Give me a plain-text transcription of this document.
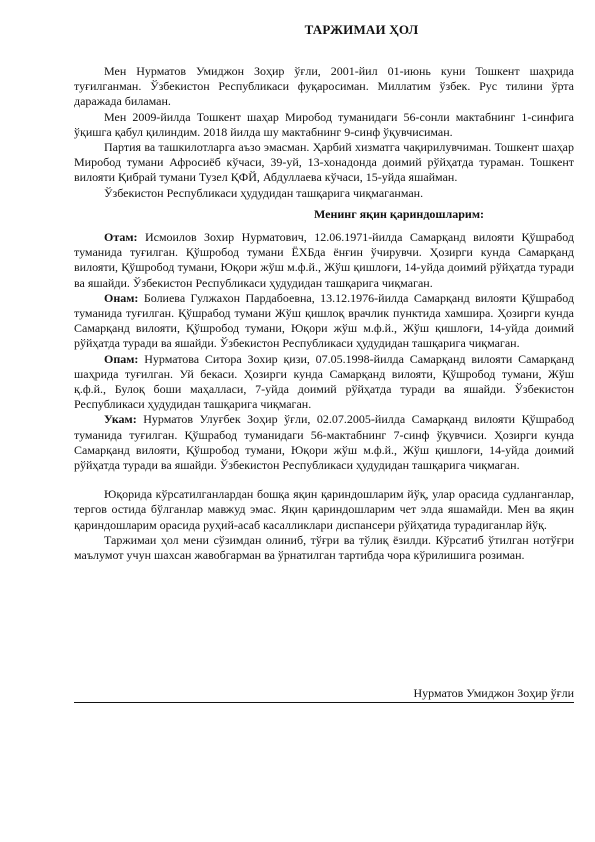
ТАРЖИМАИ ҲОЛ

Мен Нурматов Умиджон Зоҳир ўғли, 2001-йил 01-июнь куни Тошкент шаҳрида туғилганман. Ўзбекистон Республикаси фуқаросиман. Миллатим ўзбек. Рус тилини ўрта даражада биламан.

Мен 2009-йилда Тошкент шаҳар Миробод туманидаги 56-сонли мактабнинг 1-синфига ўқишга қабул қилиндим. 2018 йилда шу мактабнинг 9-синф ўқувчисиман.

Партия ва ташкилотларга аъзо эмасман. Ҳарбий хизматга чақирилувчиман. Тошкент шаҳар Миробод тумани Афросиёб кўчаси, 39-уй, 13-хонадонда доимий рўйҳатда тураман. Тошкент вилояти Қибрай тумани Тузел ҚФЙ, Абдуллаева кўчаси, 15-уйда яшайман.

Ўзбекистон Республикаси ҳудудидан ташқарига чиқмаганман.

Менинг яқин қариндошларим:

Отам: Исмоилов Зохир Нурматович, 12.06.1971-йилда Самарқанд вилояти Қўшрабод туманида туғилган. Қўшробод тумани ЁХБда ёнғин ўчирувчи. Ҳозирги кунда Самарқанд вилояти, Қўшробод тумани, Юқори жўш м.ф.й., Жўш қишлоғи, 14-уйда доимий рўйҳатда туради ва яшайди. Ўзбекистон Республикаси ҳудудидан ташқарига чиқмаган.

Онам: Болиева Гулжахон Пардабоевна, 13.12.1976-йилда Самарқанд вилояти Қўшрабод туманида туғилган. Қўшрабод тумани Жўш қишлоқ врачлик пунктида хамшира. Ҳозирги кунда Самарқанд вилояти, Қўшробод тумани, Юқори жўш м.ф.й., Жўш қишлоғи, 14-уйда доимий рўйҳатда туради ва яшайди. Ўзбекистон Республикаси ҳудудидан ташқарига чиқмаган.

Опам: Нурматова Ситора Зохир қизи, 07.05.1998-йилда Самарқанд вилояти Самарқанд шаҳрида туғилган. Уй бекаси. Ҳозирги кунда Самарқанд вилояти, Қўшробод тумани, Жўш қ.ф.й., Булоқ боши маҳалласи, 7-уйда доимий рўйҳатда туради ва яшайди. Ўзбекистон Республикаси ҳудудидан ташқарига чиқмаган.

Укам: Нурматов Улуғбек Зоҳир ўғли, 02.07.2005-йилда Самарқанд вилояти Қўшрабод туманида туғилган. Қўшрабод туманидаги 56-мактабнинг 7-синф ўқувчиси. Ҳозирги кунда Самарқанд вилояти, Қўшробод тумани, Юқори жўш м.ф.й., Жўш қишлоғи, 14-уйда доимий рўйҳатда туради ва яшайди. Ўзбекистон Республикаси ҳудудидан ташқарига чиқмаган.

Юқорида кўрсатилганлардан бошқа яқин қариндошларим йўқ, улар орасида судланганлар, тергов остида бўлганлар мавжуд эмас. Яқин қариндошларим чет элда яшамайди. Мен ва яқин қариндошларим орасида руҳий-асаб касалликлари диспансери рўйҳатида турадиганлар йўқ.

Таржимаи ҳол мени сўзимдан олиниб, тўғри ва тўлиқ ёзилди. Кўрсатиб ўтилган нотўғри маълумот учун шахсан жавобгарман ва ўрнатилган тартибда чора кўрилишига розиман.

Нурматов Умиджон Зоҳир ўғли
